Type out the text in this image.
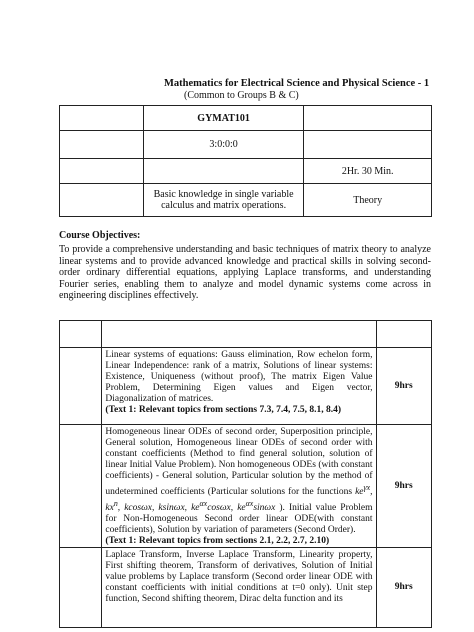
Mathematics for Electrical Science and Physical Science - 1
(Common to Groups B & C)
	GYMAT101	
	3:0:0:0	
		2Hr. 30 Min.
	Basic knowledge in single variable calculus and matrix operations.	Theory
Course Objectives:
To provide a comprehensive understanding and basic techniques of matrix theory to analyze linear systems and to provide advanced knowledge and practical skills in solving second-order ordinary differential equations, applying Laplace transforms, and understanding Fourier series, enabling them to analyze and model dynamic systems come across in engineering disciplines effectively.

	Linear systems of equations: Gauss elimination, Row echelon form, Linear Independence: rank of a matrix, Solutions of linear systems: Existence, Uniqueness (without proof), The matrix Eigen Value Problem, Determining Eigen values and Eigen vector, Diagonalization of matrices.
(Text 1: Relevant topics from sections 7.3, 7.4, 7.5, 8.1, 8.4)	9hrs
	Homogeneous linear ODEs of second order, Superposition principle, General solution, Homogeneous linear ODEs of second order with constant coefficients (Method to find general solution, solution of linear Initial Value Problem). Non homogeneous ODEs (with constant coefficients) - General solution, Particular solution by the method of undetermined coefficients (Particular solutions for the functions $ke^{\gamma x}$, $kx^n$, kcosωx, ksinωx, $ke^{\alpha x}\cos\omega x$, $ke^{\alpha x}\sin\omega x$ ). Initial value Problem for Non-Homogeneous Second order linear ODE(with constant coefficients), Solution by variation of parameters (Second Order).
(Text 1: Relevant topics from sections 2.1, 2.2, 2.7, 2.10)	9hrs
	Laplace Transform, Inverse Laplace Transform, Linearity property, First shifting theorem, Transform of derivatives, Solution of Initial value problems by Laplace transform (Second order linear ODE with constant coefficients with initial conditions at t=0 only). Unit step function, Second shifting theorem, Dirac delta function and its	9hrs
